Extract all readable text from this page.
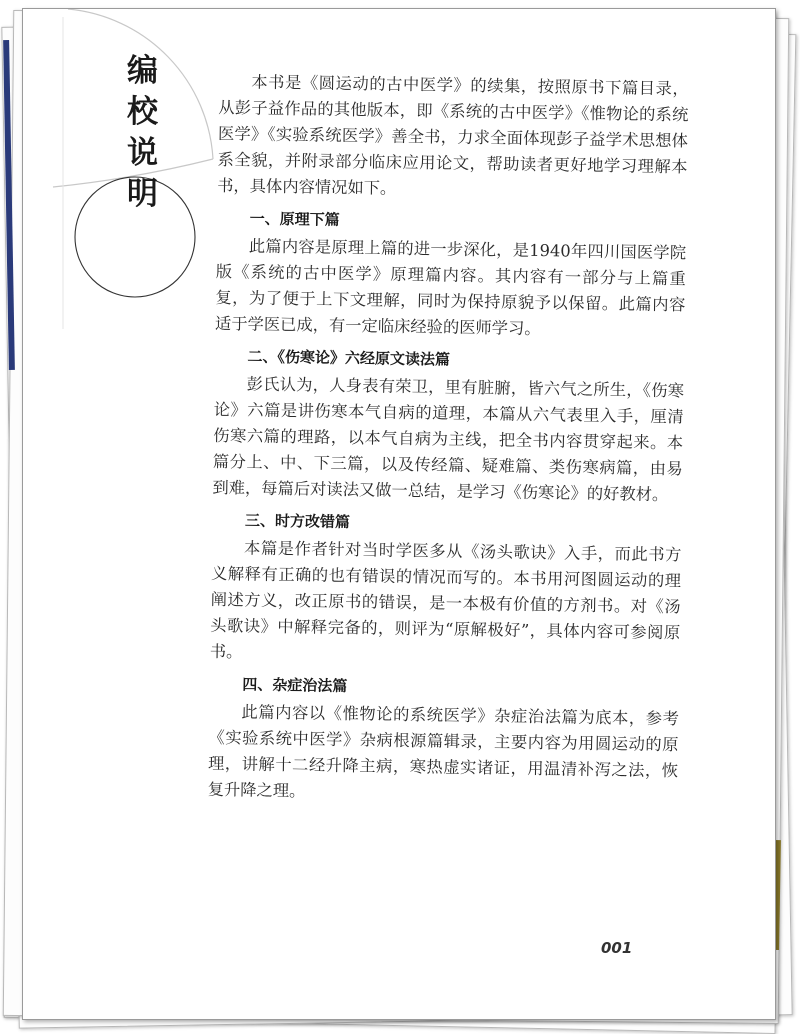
编
校
说
明

本书是《圆运动的古中医学》的续集，按照原书下篇目录，从彭子益作品的其他版本，即《系统的古中医学》《惟物论的系统医学》《实验系统医学》善全书，力求全面体现彭子益学术思想体系全貌，并附录部分临床应用论文，帮助读者更好地学习理解本书，具体内容情况如下。

一、原理下篇

此篇内容是原理上篇的进一步深化，是1940年四川国医学院版《系统的古中医学》原理篇内容。其内容有一部分与上篇重复，为了便于上下文理解，同时为保持原貌予以保留。此篇内容适于学医已成，有一定临床经验的医师学习。

二、《伤寒论》六经原文读法篇

彭氏认为，人身表有荣卫，里有脏腑，皆六气之所生，《伤寒论》六篇是讲伤寒本气自病的道理，本篇从六气表里入手，厘清伤寒六篇的理路，以本气自病为主线，把全书内容贯穿起来。本篇分上、中、下三篇，以及传经篇、疑难篇、类伤寒病篇，由易到难，每篇后对读法又做一总结，是学习《伤寒论》的好教材。

三、时方改错篇

本篇是作者针对当时学医多从《汤头歌诀》入手，而此书方义解释有正确的也有错误的情况而写的。本书用河图圆运动的理阐述方义，改正原书的错误，是一本极有价值的方剂书。对《汤头歌诀》中解释完备的，则评为“原解极好”，具体内容可参阅原书。

四、杂症治法篇

此篇内容以《惟物论的系统医学》杂症治法篇为底本，参考《实验系统中医学》杂病根源篇辑录，主要内容为用圆运动的原理，讲解十二经升降主病，寒热虚实诸证，用温清补泻之法，恢复升降之理。

001
